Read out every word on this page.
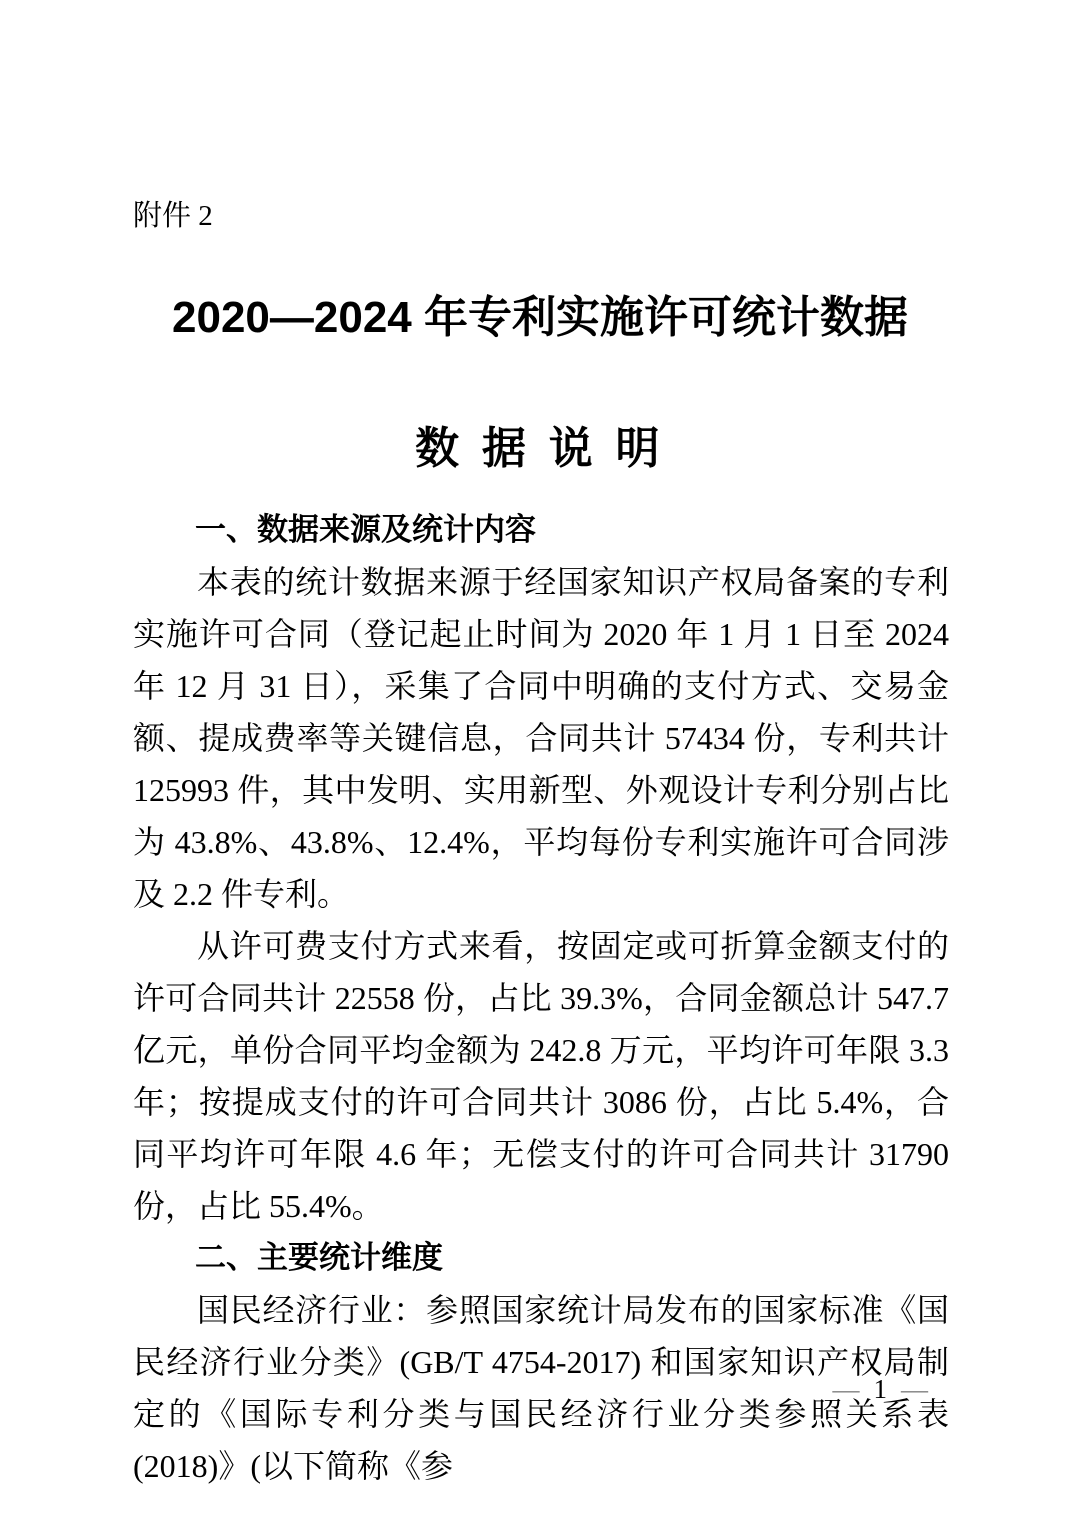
附件 2
2020—2024 年专利实施许可统计数据
数 据 说 明
一、数据来源及统计内容

本表的统计数据来源于经国家知识产权局备案的专利实施许可合同（登记起止时间为 2020 年 1 月 1 日至 2024 年 12 月 31 日），采集了合同中明确的支付方式、交易金额、提成费率等关键信息，合同共计 57434 份，专利共计 125993 件，其中发明、实用新型、外观设计专利分别占比为 43.8%、43.8%、12.4%，平均每份专利实施许可合同涉及 2.2 件专利。

从许可费支付方式来看，按固定或可折算金额支付的许可合同共计 22558 份，占比 39.3%，合同金额总计 547.7 亿元，单份合同平均金额为 242.8 万元，平均许可年限 3.3 年；按提成支付的许可合同共计 3086 份，占比 5.4%，合同平均许可年限 4.6 年；无偿支付的许可合同共计 31790 份，占比 55.4%。

二、主要统计维度

国民经济行业：参照国家统计局发布的国家标准《国民经济行业分类》(GB/T 4754-2017) 和国家知识产权局制定的《国际专利分类与国民经济行业分类参照关系表(2018)》(以下简称《参

— 1 —
